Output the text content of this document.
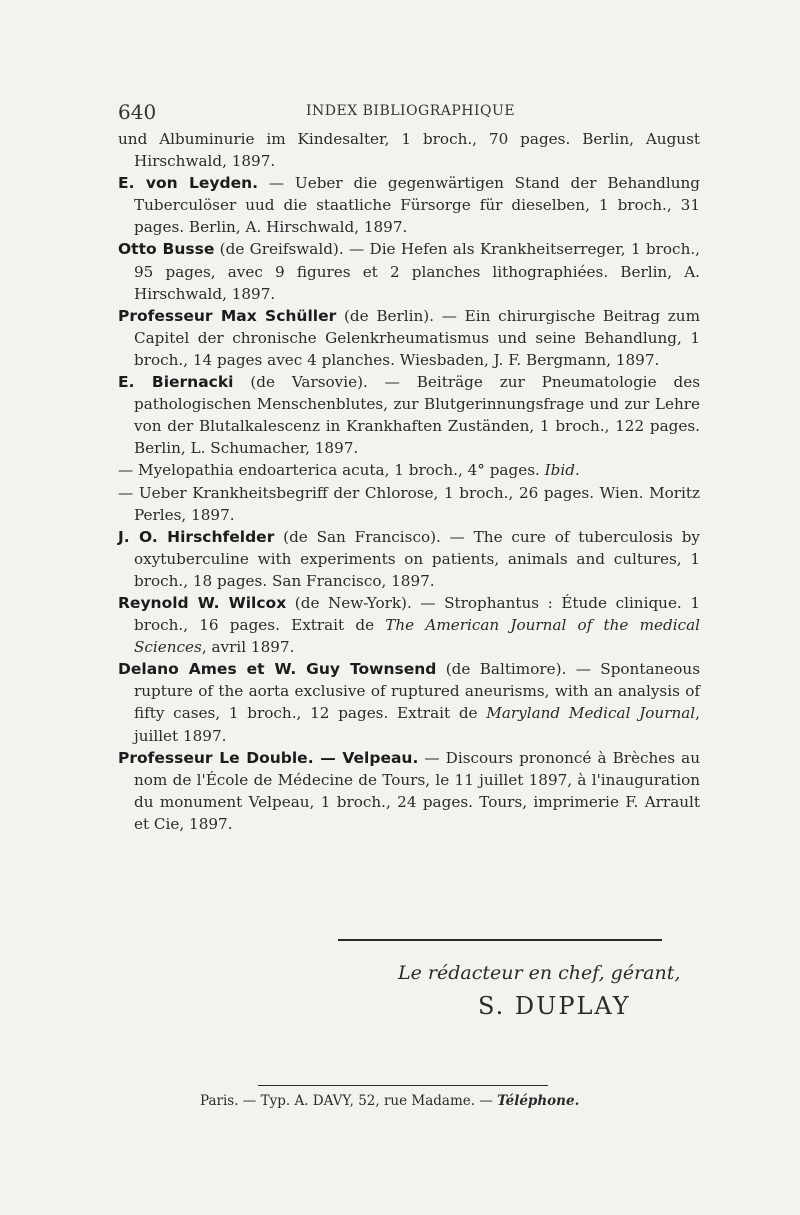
640	INDEX BIBLIOGRAPHIQUE

und Albuminurie im Kindesalter, 1 broch., 70 pages. Berlin, August Hirschwald, 1897.

E. von Leyden. — Ueber die gegenwärtigen Stand der Behandlung Tuberculöser uud die staatliche Fürsorge für dieselben, 1 broch., 31 pages. Berlin, A. Hirschwald, 1897.

Otto Busse (de Greifswald). — Die Hefen als Krankheitserreger, 1 broch., 95 pages, avec 9 figures et 2 planches lithographiées. Berlin, A. Hirschwald, 1897.

Professeur Max Schüller (de Berlin). — Ein chirurgische Beitrag zum Capitel der chronische Gelenkrheumatismus und seine Behandlung, 1 broch., 14 pages avec 4 planches. Wiesbaden, J. F. Bergmann, 1897.

E. Biernacki (de Varsovie). — Beiträge zur Pneumatologie des pathologischen Menschenblutes, zur Blutgerinnungsfrage und zur Lehre von der Blutalkalescenz in Krankhaften Zuständen, 1 broch., 122 pages. Berlin, L. Schumacher, 1897.

— Myelopathia endoarterica acuta, 1 broch., 4° pages. Ibid.

— Ueber Krankheitsbegriff der Chlorose, 1 broch., 26 pages. Wien. Moritz Perles, 1897.

J. O. Hirschfelder (de San Francisco). — The cure of tuberculosis by oxytuberculine with experiments on patients, animals and cultures, 1 broch., 18 pages. San Francisco, 1897.

Reynold W. Wilcox (de New-York). — Strophantus : Étude clinique. 1 broch., 16 pages. Extrait de The American Journal of the medical Sciences, avril 1897.

Delano Ames et W. Guy Townsend (de Baltimore). — Spontaneous rupture of the aorta exclusive of ruptured aneurisms, with an analysis of fifty cases, 1 broch., 12 pages. Extrait de Maryland Medical Journal, juillet 1897.

Professeur Le Double. — Velpeau. — Discours prononcé à Brèches au nom de l'École de Médecine de Tours, le 11 juillet 1897, à l'inauguration du monument Velpeau, 1 broch., 24 pages. Tours, imprimerie F. Arrault et Cie, 1897.

Le rédacteur en chef, gérant,
S. DUPLAY
Paris. — Typ. A. DAVY, 52, rue Madame. — Téléphone.
